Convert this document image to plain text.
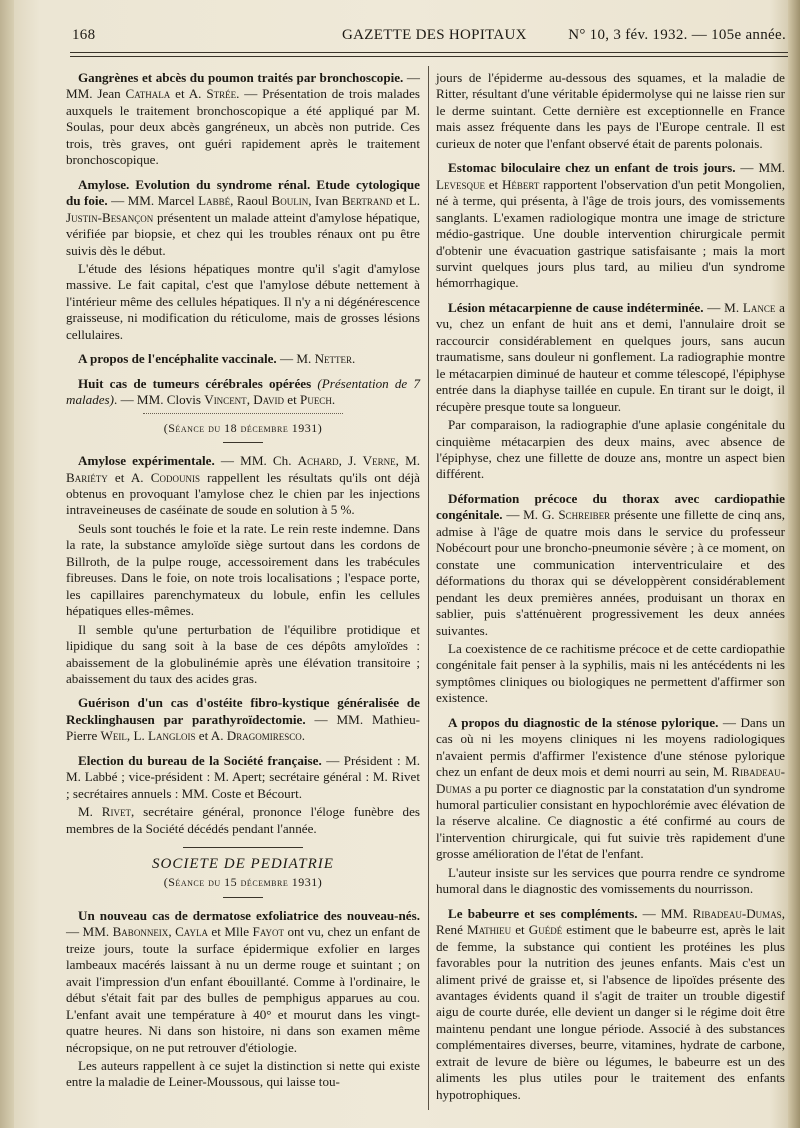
168	GAZETTE DES HOPITAUX	N° 10, 3 fév. 1932. — 105e année.

Gangrènes et abcès du poumon traités par bronchoscopie. — MM. Jean Cathala et A. Strée. — Présentation de trois malades auxquels le traitement bronchoscopique a été appliqué par M. Soulas, pour deux abcès gangréneux, un abcès non putride. Ces trois, très graves, ont guéri rapidement après le traitement bronchoscopique.

Amylose. Evolution du syndrome rénal. Etude cytologique du foie. — MM. Marcel Labbé, Raoul Boulin, Ivan Bertrand et L. Justin-Besançon présentent un malade atteint d'amylose hépatique, vérifiée par biopsie, et chez qui les troubles rénaux ont pu être suivis dès le début.

L'étude des lésions hépatiques montre qu'il s'agit d'amylose massive. Le fait capital, c'est que l'amylose débute nettement à l'intérieur même des cellules hépatiques. Il n'y a ni dégénérescence graisseuse, ni modification du réticulome, mais de grosses lésions cellulaires.

A propos de l'encéphalite vaccinale. — M. Netter.

Huit cas de tumeurs cérébrales opérées (Présentation de 7 malades). — MM. Clovis Vincent, David et Puech.

(Séance du 18 décembre 1931)

Amylose expérimentale. — MM. Ch. Achard, J. Verne, M. Bariéty et A. Codounis rappellent les résultats qu'ils ont déjà obtenus en provoquant l'amylose chez le chien par les injections intraveineuses de caséinate de soude en solution à 5 %.

Seuls sont touchés le foie et la rate. Le rein reste indemne. Dans la rate, la substance amyloïde siège surtout dans les cordons de Billroth, de la pulpe rouge, accessoirement dans les trabécules fibreuses. Dans le foie, on note trois localisations ; l'espace porte, les capillaires parenchymateux du lobule, enfin les cellules hépatiques elles-mêmes.

Il semble qu'une perturbation de l'équilibre protidique et lipidique du sang soit à la base de ces dépôts amyloïdes : abaissement de la globulinémie après une élévation transitoire ; abaissement du taux des acides gras.

Guérison d'un cas d'ostéite fibro-kystique généralisée de Recklinghausen par parathyroïdectomie. — MM. Mathieu-Pierre Weil, L. Langlois et A. Dragomiresco.

Election du bureau de la Société française. — Président : M. M. Labbé ; vice-président : M. Apert; secrétaire général : M. Rivet ; secrétaires annuels : MM. Coste et Bécourt.

M. Rivet, secrétaire général, prononce l'éloge funèbre des membres de la Société décédés pendant l'année.

SOCIETE DE PEDIATRIE

(Séance du 15 décembre 1931)

Un nouveau cas de dermatose exfoliatrice des nouveau-nés. — MM. Babonneix, Cayla et Mlle Fayot ont vu, chez un enfant de treize jours, toute la surface épidermique exfolier en larges lambeaux macérés laissant à nu un derme rouge et suintant ; on avait l'impression d'un enfant ébouillanté. Comme à l'ordinaire, le début s'était fait par des bulles de pemphigus apparues au cou. L'enfant avait une température à 40° et mourut dans les vingt-quatre heures. Ni dans son histoire, ni dans son examen même nécropsique, on ne put retrouver d'étiologie.

Les auteurs rappellent à ce sujet la distinction si nette qui existe entre la maladie de Leiner-Moussous, qui laisse tou-

jours de l'épiderme au-dessous des squames, et la maladie de Ritter, résultant d'une véritable épidermolyse qui ne laisse rien sur le derme suintant. Cette dernière est exceptionnelle en France mais assez fréquente dans les pays de l'Europe centrale. Il est curieux de noter que l'enfant observé était de parents polonais.

Estomac biloculaire chez un enfant de trois jours. — MM. Levesque et Hébert rapportent l'observation d'un petit Mongolien, né à terme, qui présenta, à l'âge de trois jours, des vomissements sanglants. L'examen radiologique montra une image de stricture médio-gastrique. Une double intervention chirurgicale permit d'obtenir une évacuation gastrique satisfaisante ; mais la mort survint quelques jours plus tard, au milieu d'un syndrome hémorrhagique.

Lésion métacarpienne de cause indéterminée. — M. Lance a vu, chez un enfant de huit ans et demi, l'annulaire droit se raccourcir considérablement en quelques jours, sans aucun traumatisme, sans douleur ni gonflement. La radiographie montre le métacarpien diminué de hauteur et comme télescopé, l'épiphyse entrée dans la diaphyse taillée en cupule. En tirant sur le doigt, il récupère presque toute sa longueur.

Par comparaison, la radiographie d'une aplasie congénitale du cinquième métacarpien des deux mains, avec absence de l'épiphyse, chez une fillette de douze ans, montre un aspect bien différent.

Déformation précoce du thorax avec cardiopathie congénitale. — M. G. Schreiber présente une fillette de cinq ans, admise à l'âge de quatre mois dans le service du professeur Nobécourt pour une broncho-pneumonie sévère ; à ce moment, on constate une communication interventriculaire et des déformations du thorax qui se développèrent considérablement pendant les deux premières années, produisant un thorax en sablier, puis s'atténuèrent progressivement les deux années suivantes.

La coexistence de ce rachitisme précoce et de cette cardiopathie congénitale fait penser à la syphilis, mais ni les antécédents ni les symptômes cliniques ou biologiques ne permettent d'affirmer son existence.

A propos du diagnostic de la sténose pylorique. — Dans un cas où ni les moyens cliniques ni les moyens radiologiques n'avaient permis d'affirmer l'existence d'une sténose pylorique chez un enfant de deux mois et demi nourri au sein, M. Ribadeau-Dumas a pu porter ce diagnostic par la constatation d'un syndrome humoral particulier consistant en hypochlorémie avec élévation de la réserve alcaline. Ce diagnostic a été confirmé au cours de l'intervention chirurgicale, qui fut suivie très rapidement d'une grosse amélioration de l'état de l'enfant.

L'auteur insiste sur les services que pourra rendre ce syndrome humoral dans le diagnostic des vomissements du nourrisson.

Le babeurre et ses compléments. — MM. Ribadeau-Dumas, René Mathieu et Guédé estiment que le babeurre est, après le lait de femme, la substance qui contient les protéines les plus favorables pour la nutrition des jeunes enfants. Mais c'est un aliment privé de graisse et, si l'absence de lipoïdes présente des avantages évidents quand il s'agit de traiter un trouble digestif aigu de courte durée, elle devient un danger si le régime doit être maintenu pendant une longue période. Associé à des substances complémentaires diverses, beurre, vitamines, hydrate de carbone, extrait de levure de bière ou légumes, le babeurre est un des aliments les plus utiles pour le traitement des enfants hypotrophiques.
